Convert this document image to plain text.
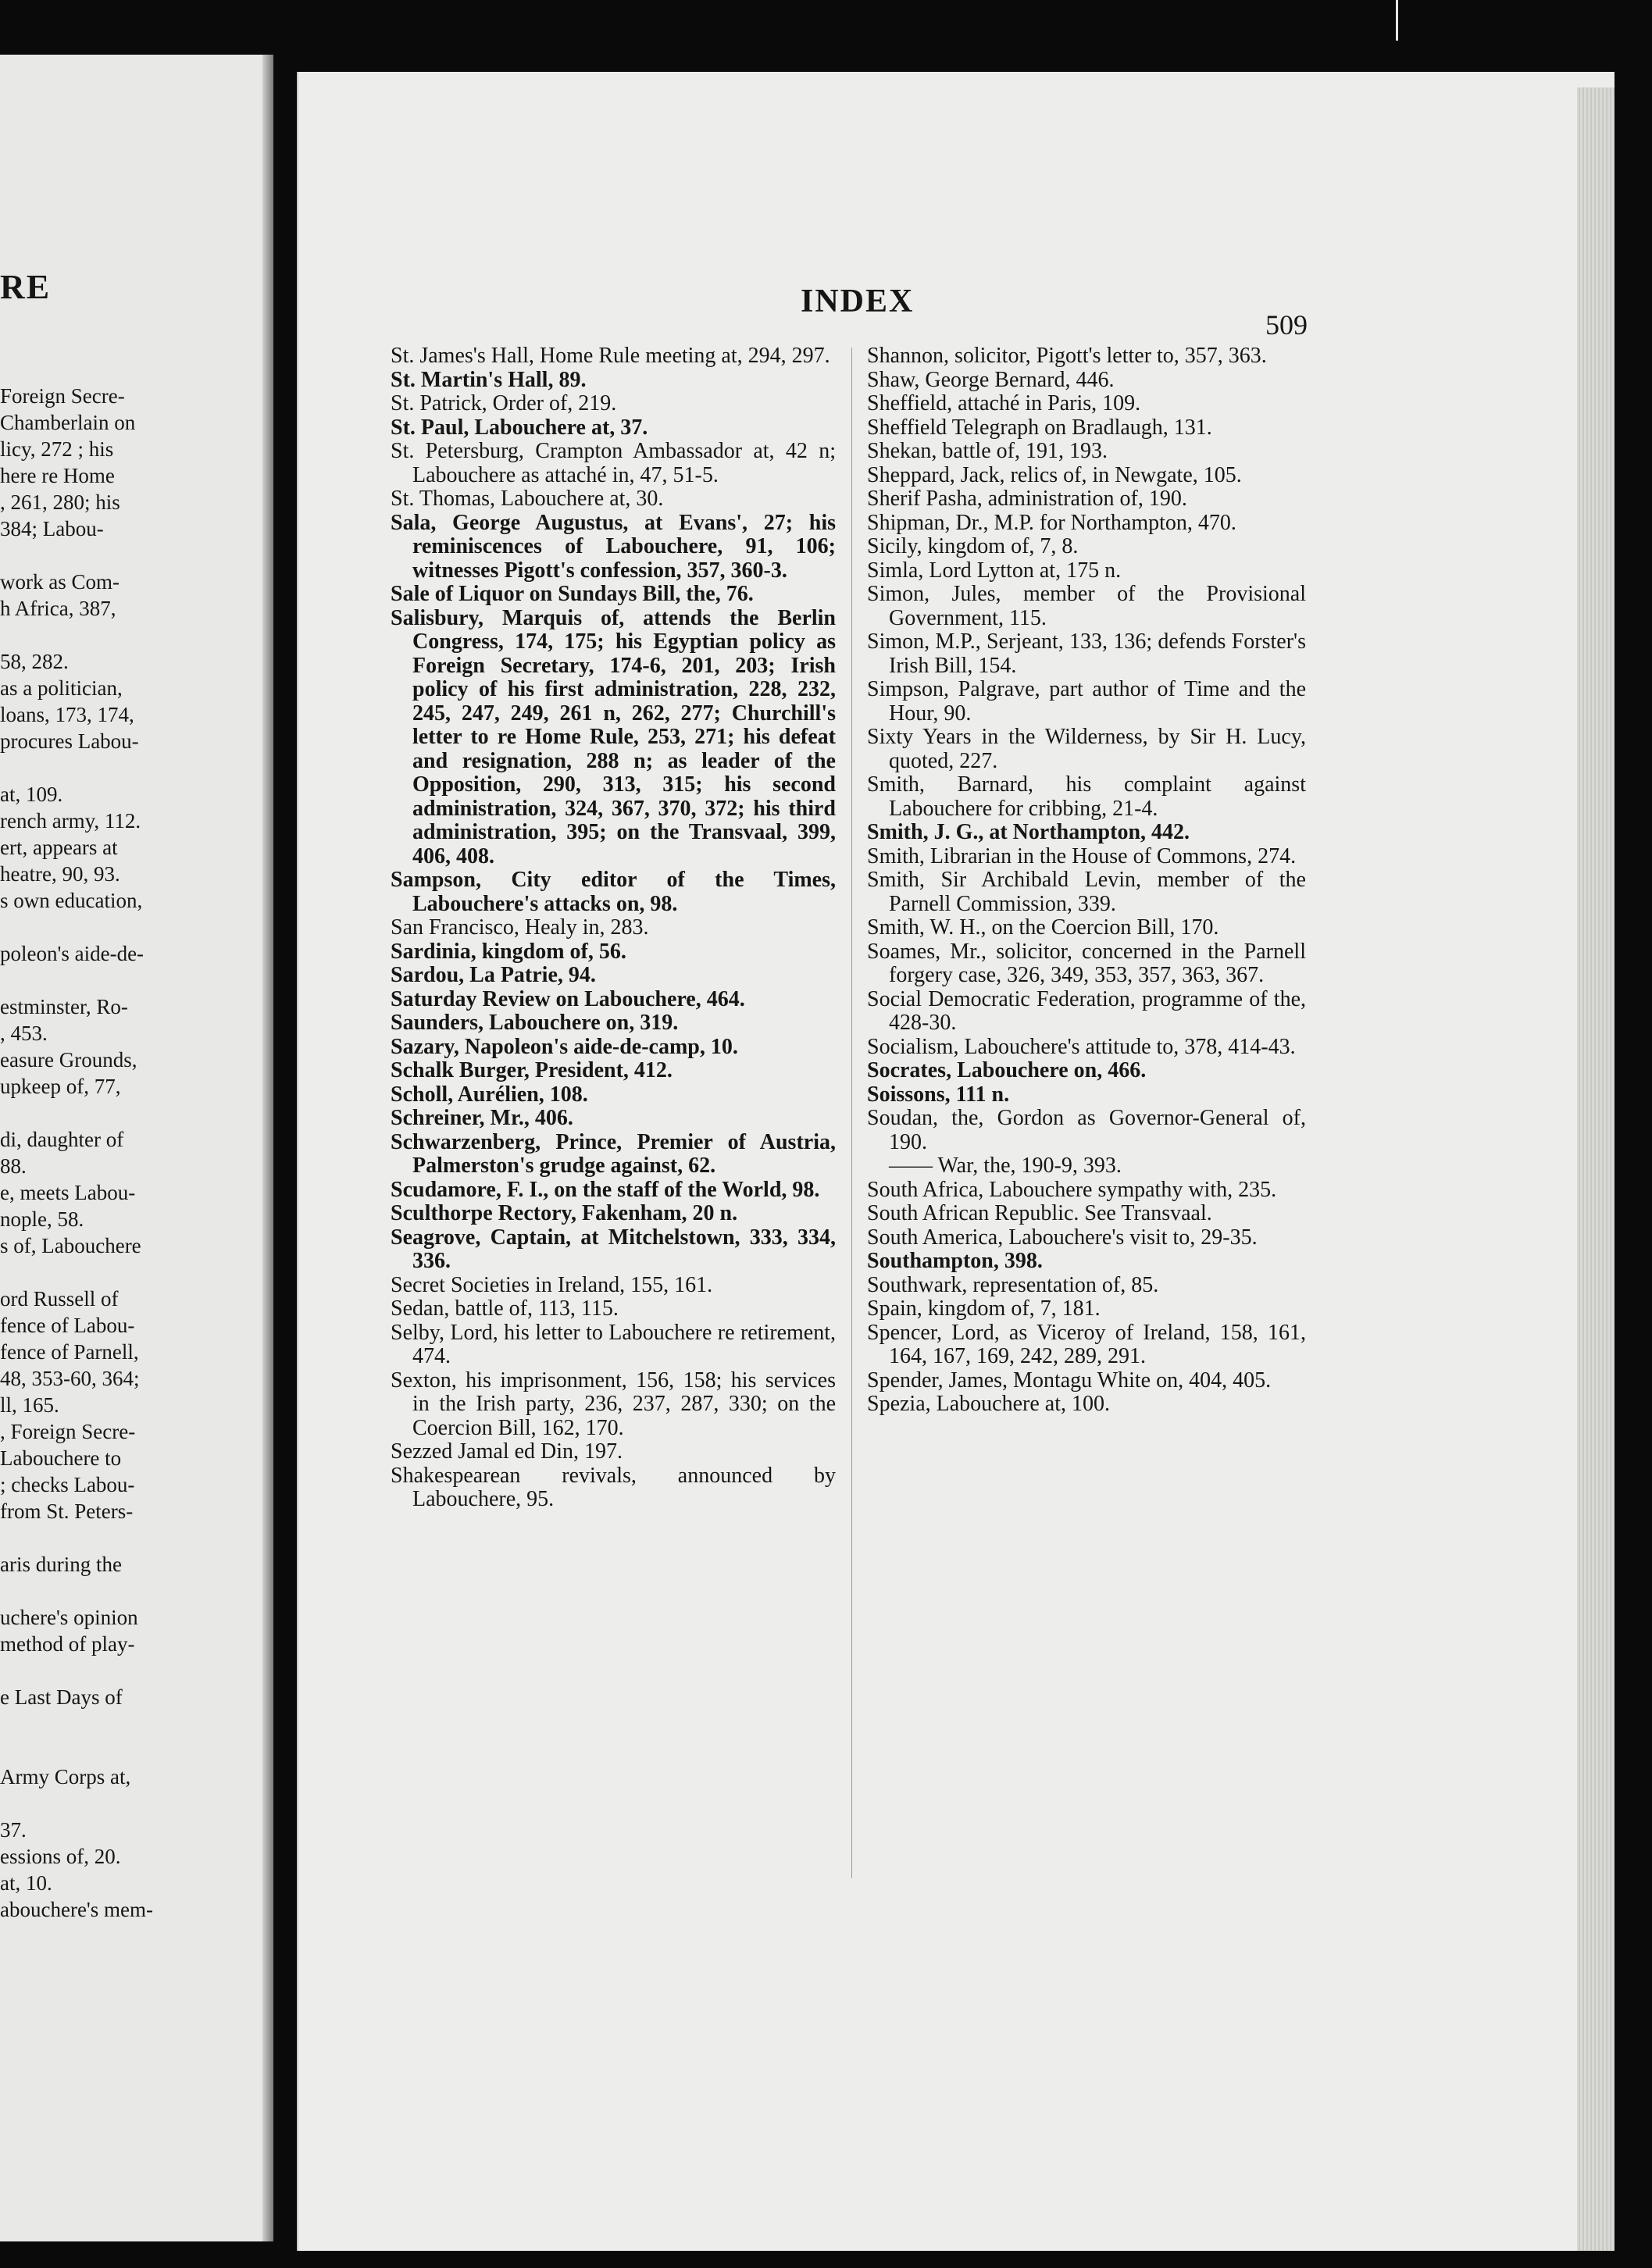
RE
Foreign Secre-
Chamberlain on
licy, 272 ; his
here re Home
, 261, 280; his
384; Labou-
work as Com-
h Africa, 387,
58, 282.
as a politician,
loans, 173, 174,
procures Labou-
at, 109.
rench army, 112.
ert, appears at
heatre, 90, 93.
s own education,
poleon's aide-de-
estminster, Ro-
, 453.
easure Grounds,
upkeep of, 77,
di, daughter of
88.
e, meets Labou-
nople, 58.
s of, Labouchere
ord Russell of
fence of Labou-
fence of Parnell,
48, 353-60, 364;
ll, 165.
, Foreign Secre-
Labouchere to
; checks Labou-
from St. Peters-
aris during the
uchere's opinion
method of play-
e Last Days of
Army Corps at,
37.
essions of, 20.
at, 10.
abouchere's mem-
INDEX
509
St. James's Hall, Home Rule meeting at, 294, 297.
St. Martin's Hall, 89.
St. Patrick, Order of, 219.
St. Paul, Labouchere at, 37.
St. Petersburg, Crampton Ambassador at, 42 n; Labouchere as attaché in, 47, 51-5.
St. Thomas, Labouchere at, 30.
Sala, George Augustus, at Evans', 27; his reminiscences of Labouchere, 91, 106; witnesses Pigott's confession, 357, 360-3.
Sale of Liquor on Sundays Bill, the, 76.
Salisbury, Marquis of, attends the Berlin Congress, 174, 175; his Egyptian policy as Foreign Secretary, 174-6, 201, 203; Irish policy of his first administration, 228, 232, 245, 247, 249, 261 n, 262, 277; Churchill's letter to re Home Rule, 253, 271; his defeat and resignation, 288 n; as leader of the Opposition, 290, 313, 315; his second administration, 324, 367, 370, 372; his third administration, 395; on the Transvaal, 399, 406, 408.
Sampson, City editor of the Times, Labouchere's attacks on, 98.
San Francisco, Healy in, 283.
Sardinia, kingdom of, 56.
Sardou, La Patrie, 94.
Saturday Review on Labouchere, 464.
Saunders, Labouchere on, 319.
Sazary, Napoleon's aide-de-camp, 10.
Schalk Burger, President, 412.
Scholl, Aurélien, 108.
Schreiner, Mr., 406.
Schwarzenberg, Prince, Premier of Austria, Palmerston's grudge against, 62.
Scudamore, F. I., on the staff of the World, 98.
Sculthorpe Rectory, Fakenham, 20 n.
Seagrove, Captain, at Mitchelstown, 333, 334, 336.
Secret Societies in Ireland, 155, 161.
Sedan, battle of, 113, 115.
Selby, Lord, his letter to Labouchere re retirement, 474.
Sexton, his imprisonment, 156, 158; his services in the Irish party, 236, 237, 287, 330; on the Coercion Bill, 162, 170.
Sezzed Jamal ed Din, 197.
Shakespearean revivals, announced by Labouchere, 95.
Shannon, solicitor, Pigott's letter to, 357, 363.
Shaw, George Bernard, 446.
Sheffield, attaché in Paris, 109.
Sheffield Telegraph on Bradlaugh, 131.
Shekan, battle of, 191, 193.
Sheppard, Jack, relics of, in Newgate, 105.
Sherif Pasha, administration of, 190.
Shipman, Dr., M.P. for Northampton, 470.
Sicily, kingdom of, 7, 8.
Simla, Lord Lytton at, 175 n.
Simon, Jules, member of the Provisional Government, 115.
Simon, M.P., Serjeant, 133, 136; defends Forster's Irish Bill, 154.
Simpson, Palgrave, part author of Time and the Hour, 90.
Sixty Years in the Wilderness, by Sir H. Lucy, quoted, 227.
Smith, Barnard, his complaint against Labouchere for cribbing, 21-4.
Smith, J. G., at Northampton, 442.
Smith, Librarian in the House of Commons, 274.
Smith, Sir Archibald Levin, member of the Parnell Commission, 339.
Smith, W. H., on the Coercion Bill, 170.
Soames, Mr., solicitor, concerned in the Parnell forgery case, 326, 349, 353, 357, 363, 367.
Social Democratic Federation, programme of the, 428-30.
Socialism, Labouchere's attitude to, 378, 414-43.
Socrates, Labouchere on, 466.
Soissons, 111 n.
Soudan, the, Gordon as Governor-General of, 190.
—— War, the, 190-9, 393.
South Africa, Labouchere sympathy with, 235.
South African Republic. See Transvaal.
South America, Labouchere's visit to, 29-35.
Southampton, 398.
Southwark, representation of, 85.
Spain, kingdom of, 7, 181.
Spencer, Lord, as Viceroy of Ireland, 158, 161, 164, 167, 169, 242, 289, 291.
Spender, James, Montagu White on, 404, 405.
Spezia, Labouchere at, 100.
